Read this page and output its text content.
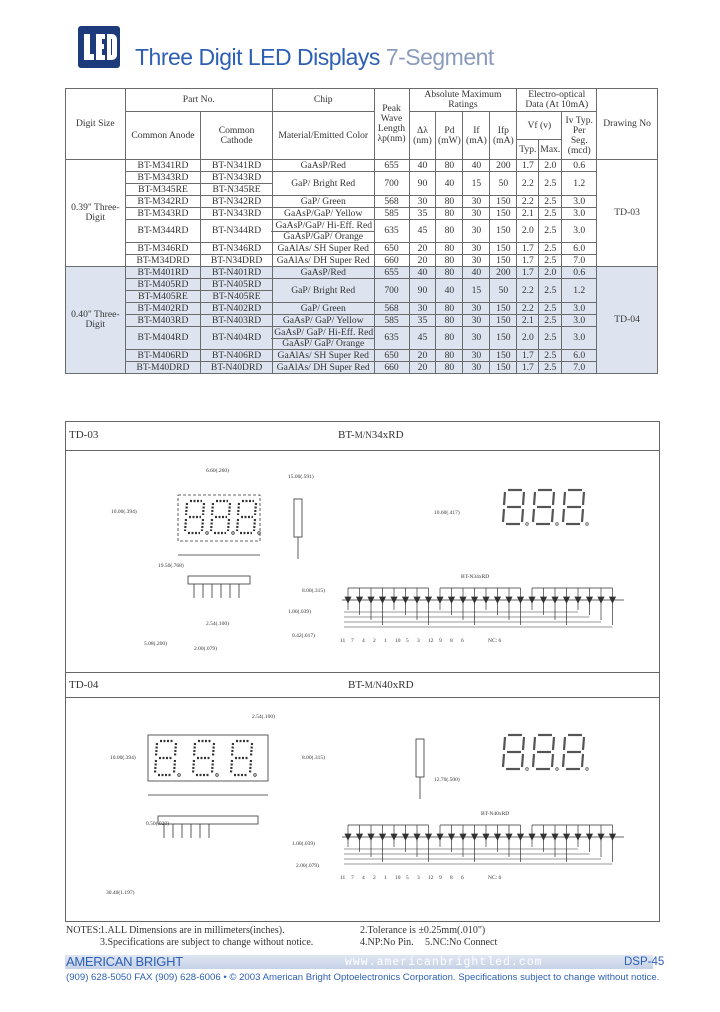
Three Digit LED Displays 7-Segment
Digit Size	Part No.		Chip	Peak Wave Length λp(nm)	Absolute Maximum Ratings				Electro-optical Data (At 10mA)			Drawing No
	Common Anode	Common Cathode	Material/Emitted Color		Δλ (nm)	Pd (mW)	If (mA)	Ifp (mA)	Vf (v)		Iv Typ. Per Seg. (mcd)	
									Typ.	Max.		

0.39" Three-Digit	BT-M341RD	BT-N341RD	GaAsP/Red	655	40	80	40	200	1.7	2.0	0.6	TD-03
	BT-M343RD	BT-N343RD	GaP/ Bright Red	700	90	40	15	50	2.2	2.5	1.2	
	BT-M345RE	BT-N345RE										
	BT-M342RD	BT-N342RD	GaP/ Green	568	30	80	30	150	2.2	2.5	3.0	
	BT-M343RD	BT-N343RD	GaAsP/GaP/ Yellow	585	35	80	30	150	2.1	2.5	3.0	
	BT-M344RD	BT-N344RD	GaAsP/GaP/ Hi-Eff. Red
GaAsP/GaP/ Orange	635	45	80	30	150	2.0	2.5	3.0	
	BT-M346RD	BT-N346RD	GaAlAs/ SH Super Red	650	20	80	30	150	1.7	2.5	6.0	
	BT-M34DRD	BT-N34DRD	GaAlAs/ DH Super Red	660	20	80	30	150	1.7	2.5	7.0	
0.40" Three-Digit	BT-M401RD	BT-N401RD	GaAsP/Red	655	40	80	40	200	1.7	2.0	0.6	TD-04
	BT-M405RD	BT-N405RD	GaP/ Bright Red	700	90	40	15	50	2.2	2.5	1.2	
	BT-M405RE	BT-N405RE										
	BT-M402RD	BT-N402RD	GaP/ Green	568	30	80	30	150	2.2	2.5	3.0	
	BT-M403RD	BT-N403RD	GaAsP/ GaP/ Yellow	585	35	80	30	150	2.1	2.5	3.0	
	BT-M404RD	BT-N404RD	GaAsP/ GaP/ Hi-Eff. Red
GaAsP/ GaP/ Orange	635	45	80	30	150	2.0	2.5	3.0	
	BT-M406RD	BT-N406RD	GaAlAs/ SH Super Red	650	20	80	30	150	1.7	2.5	6.0	
	BT-M40DRD	BT-N40DRD	GaAlAs/ DH Super Red	660	20	80	30	150	1.7	2.5	7.0	
TD-03	BT-M/N34xRD
BT-N34xRD
11 7 4 2 1 10 5 3 12 9 8 6	NC: 6
6.60(.260)
10.00(.394)
19.50(.768)
2.54(.100)
15.00(.591)
5.08(.200)
8.00(.315)
10.60(.417)
1.00(.039)
0.42(.017)
2.00(.079)
TD-04	BT-M/N40xRD
BT-N40xRD
11 7 4 2 1 10 5 3 12 9 8 6	NC: 6
2.54(.100)
10.00(.394)
30.40(1.197)
0.50(.020)
8.00(.315)
1.00(.039)
2.00(.079)
12.70(.500)
NOTES: 1.ALL Dimensions are in millimeters(inches).
3.Specifications are subject to change without notice.
2.Tolerance is ±0.25mm(.010")
4.NP:No Pin. 5.NC:No Connect
AMERICAN BRIGHT	www.americanbrightled.com	DSP-45
(909) 628-5050 FAX (909) 628-6006 • © 2003 American Bright Optoelectronics Corporation. Specifications subject to change without notice.
